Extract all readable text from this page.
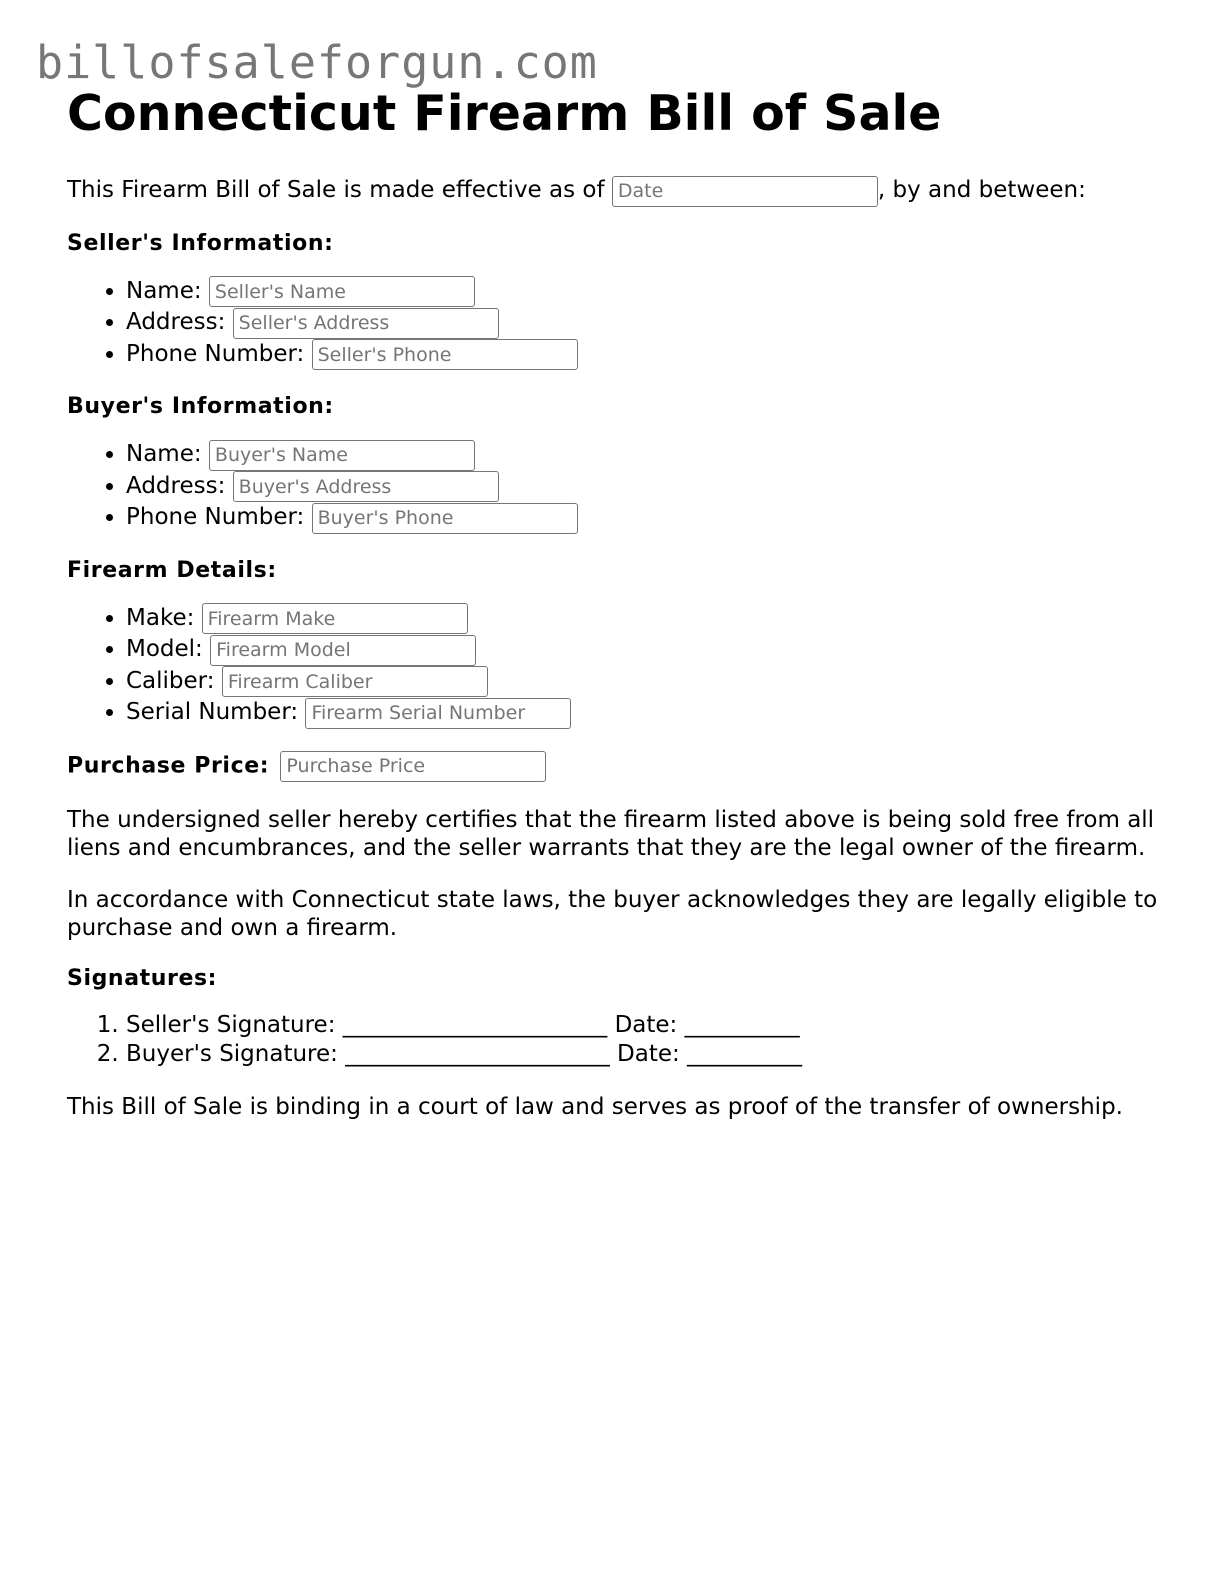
billofsaleforgun.com
Connecticut Firearm Bill of Sale

This Firearm Bill of Sale is made effective as of Date	, by and between:

Seller's Information:
• Name: Seller's Name
• Address: Seller's Address
• Phone Number: Seller's Phone
Buyer's Information:
• Name: Buyer's Name
• Address: Buyer's Address
• Phone Number: Buyer's Phone
Firearm Details:
• Make: Firearm Make
• Model: Firearm Model
• Caliber: Firearm Caliber
• Serial Number: Firearm Serial Number
Purchase Price: Purchase Price

The undersigned seller hereby certifies that the firearm listed above is being sold free from all liens and encumbrances, and the seller warrants that they are the legal owner of the firearm.

In accordance with Connecticut state laws, the buyer acknowledges they are legally eligible to purchase and own a firearm.

Signatures:
1. Seller's Signature: _______________________ Date: __________
2. Buyer's Signature: _______________________ Date: __________

This Bill of Sale is binding in a court of law and serves as proof of the transfer of ownership.
